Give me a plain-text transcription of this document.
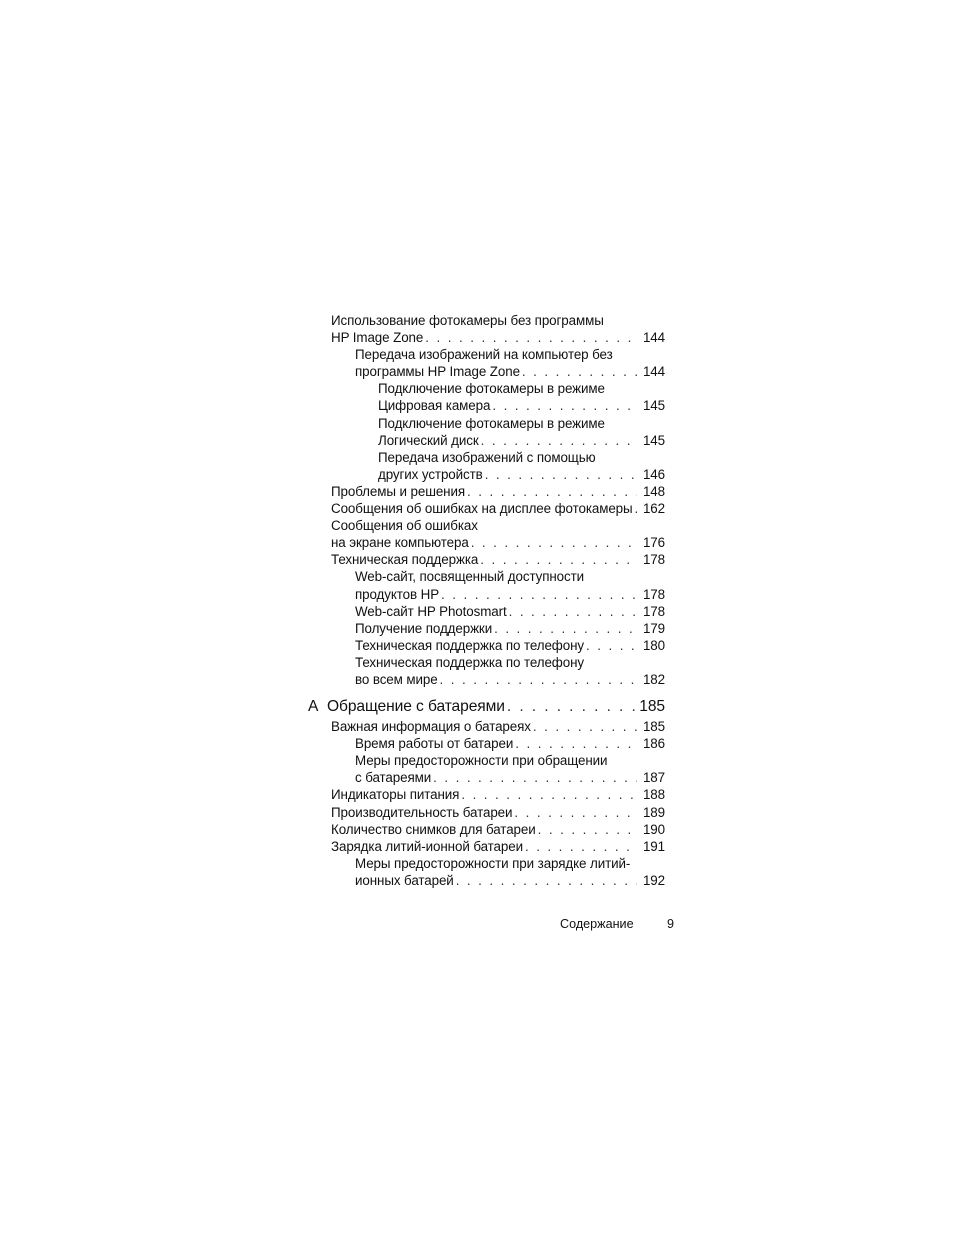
Использование фотокамеры без программы
HP Image Zone . . .	144
Передача изображений на компьютер без
программы HP Image Zone . . .	144
Подключение фотокамеры в режиме
Цифровая камера . . .	145
Подключение фотокамеры в режиме
Логический диск . . .	145
Передача изображений с помощью
других устройств . . .	146
Проблемы и решения . . .	148
Сообщения об ошибках на дисплее фотокамеры . . . 162
Сообщения об ошибках
на экране компьютера . . .	176
Техническая поддержка . . .	178
Web-сайт, посвященный доступности
продуктов HP . . .	178
Web-сайт HP Photosmart . . .	178
Получение поддержки . . .	179
Техническая поддержка по телефону . . .	180
Техническая поддержка по телефону
во всем мире . . .	182
A Обращение с батареями . . .	185
Важная информация о батареях . . .	185
Время работы от батареи . . .	186
Меры предосторожности при обращении
с батареями . . .	187
Индикаторы питания . . .	188
Производительность батареи . . .	189
Количество снимков для батареи . . .	190
Зарядка литий-ионной батареи . . .	191
Меры предосторожности при зарядке литий-
ионных батарей . . .	192
Содержание	9
